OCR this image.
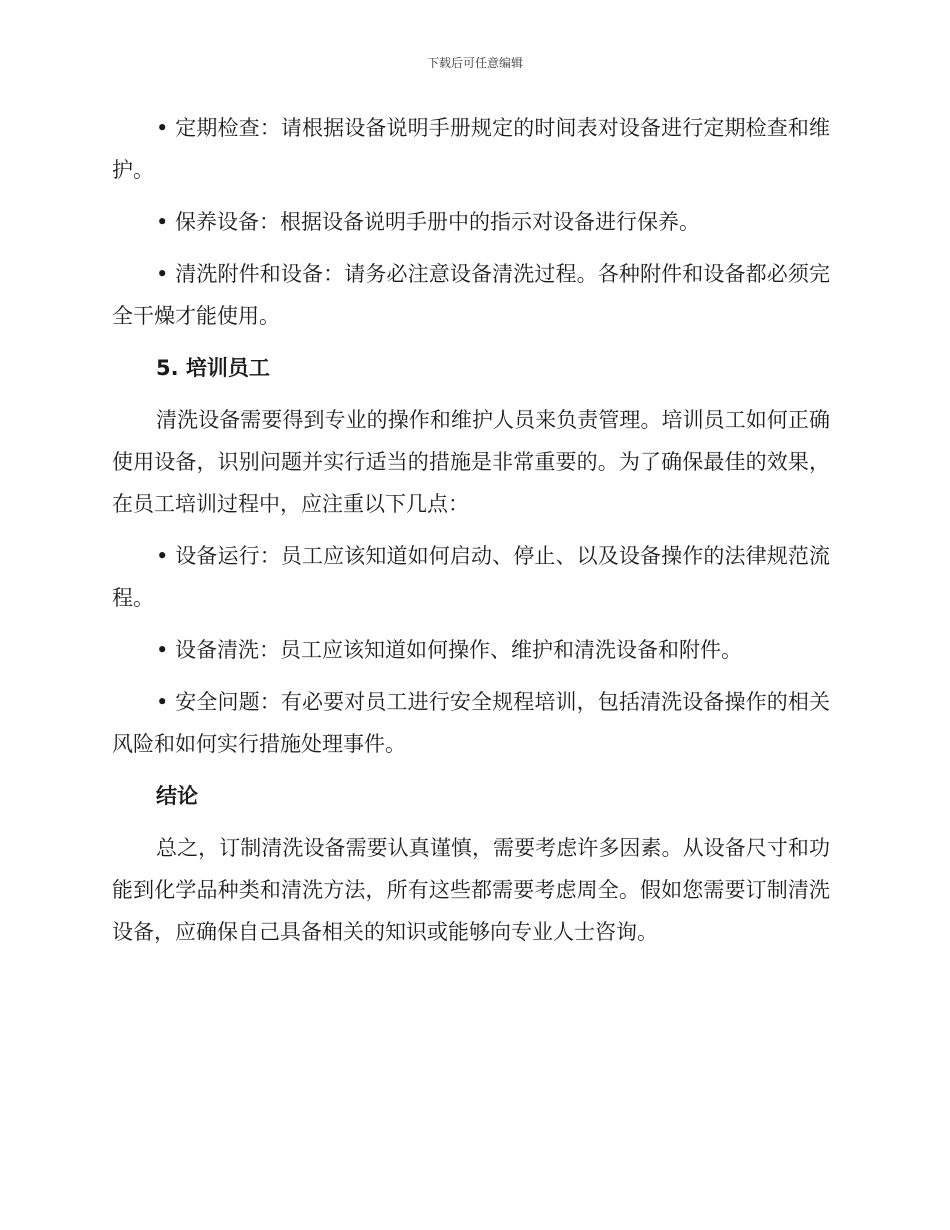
下载后可任意编辑

• 定期检查：请根据设备说明手册规定的时间表对设备进行定期检查和维护。

• 保养设备：根据设备说明手册中的指示对设备进行保养。

• 清洗附件和设备：请务必注意设备清洗过程。各种附件和设备都必须完全干燥才能使用。

5. 培训员工

清洗设备需要得到专业的操作和维护人员来负责管理。培训员工如何正确使用设备，识别问题并实行适当的措施是非常重要的。为了确保最佳的效果，在员工培训过程中，应注重以下几点：

• 设备运行：员工应该知道如何启动、停止、以及设备操作的法律规范流程。

• 设备清洗：员工应该知道如何操作、维护和清洗设备和附件。

• 安全问题：有必要对员工进行安全规程培训，包括清洗设备操作的相关风险和如何实行措施处理事件。

结论

总之，订制清洗设备需要认真谨慎，需要考虑许多因素。从设备尺寸和功能到化学品种类和清洗方法，所有这些都需要考虑周全。假如您需要订制清洗设备，应确保自己具备相关的知识或能够向专业人士咨询。
